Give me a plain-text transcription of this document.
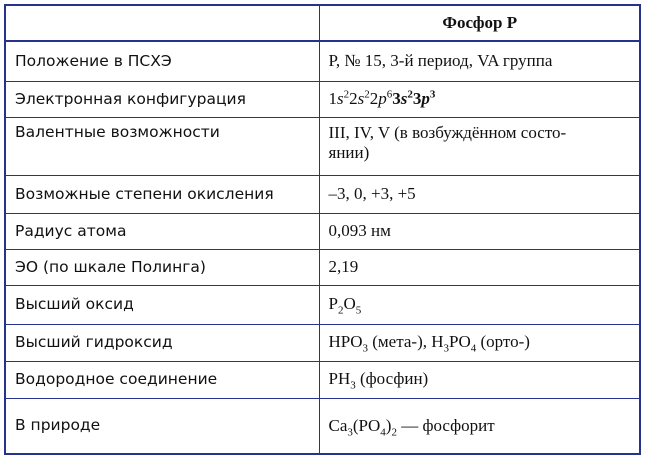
	Фосфор Р
Положение в ПСХЭ	Р, № 15, 3-й период, VA группа
Электронная конфигурация	$1s^22s^22p^63s^23p^3$
Валентные возможности	III, IV, V (в возбуждённом состо-
янии)
Возможные степени окисления	–3, 0, +3, +5
Радиус атома	0,093 нм
ЭО (по шкале Полинга)	2,19
Высший оксид	$P_2O_5$
Высший гидроксид	$HPO_3$ (мета-), $H_3PO_4$ (орто-)
Водородное соединение	$PH_3$ (фосфин)
В природе	$Ca_3(PO_4)_2$ — фосфорит
